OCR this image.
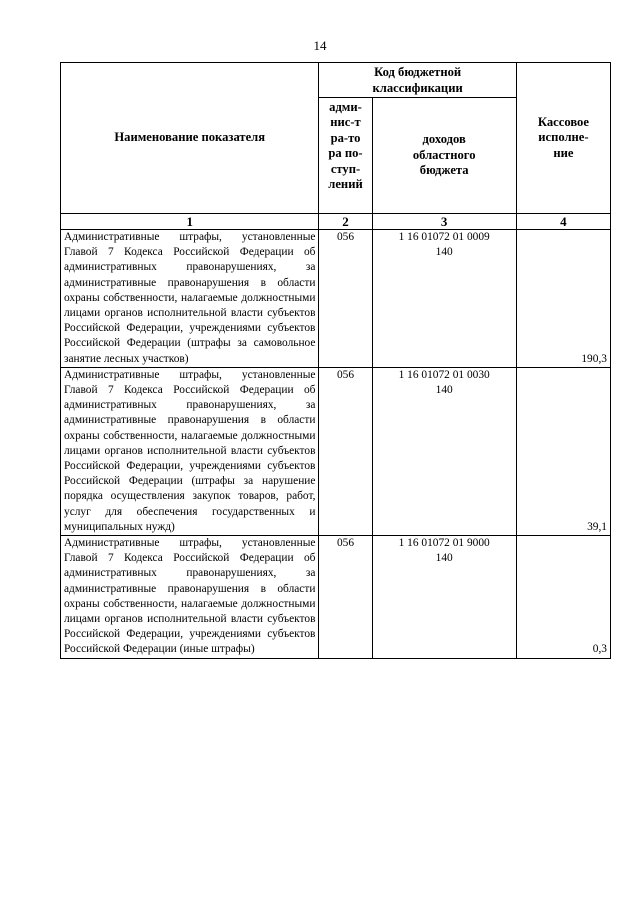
14
Наименование показателя	Код бюджетной классификации		Кассовое исполне-ние

	адми-нис-тра-тора по-ступ-лений	доходов областного бюджета	

1	2	3	4

Административные штрафы, установленные Главой 7 Кодекса Российской Федерации об административных правонарушениях, за административные правонарушения в области охраны собственности, налагаемые должностными лицами органов исполнительной власти субъектов Российской Федерации, учреждениями субъектов Российской Федерации (штрафы за самовольное занятие лесных участков)	056	1 16 01072 01 0009 140	190,3

Административные штрафы, установленные Главой 7 Кодекса Российской Федерации об административных правонарушениях, за административные правонарушения в области охраны собственности, налагаемые должностными лицами органов исполнительной власти субъектов Российской Федерации, учреждениями субъектов Российской Федерации (штрафы за нарушение порядка осуществления закупок товаров, работ, услуг для обеспечения государственных и муниципальных нужд)	056	1 16 01072 01 0030 140	39,1

Административные штрафы, установленные Главой 7 Кодекса Российской Федерации об административных правонарушениях, за административные правонарушения в области охраны собственности, налагаемые должностными лицами органов исполнительной власти субъектов Российской Федерации, учреждениями субъектов Российской Федерации (иные штрафы)	056	1 16 01072 01 9000 140	0,3
